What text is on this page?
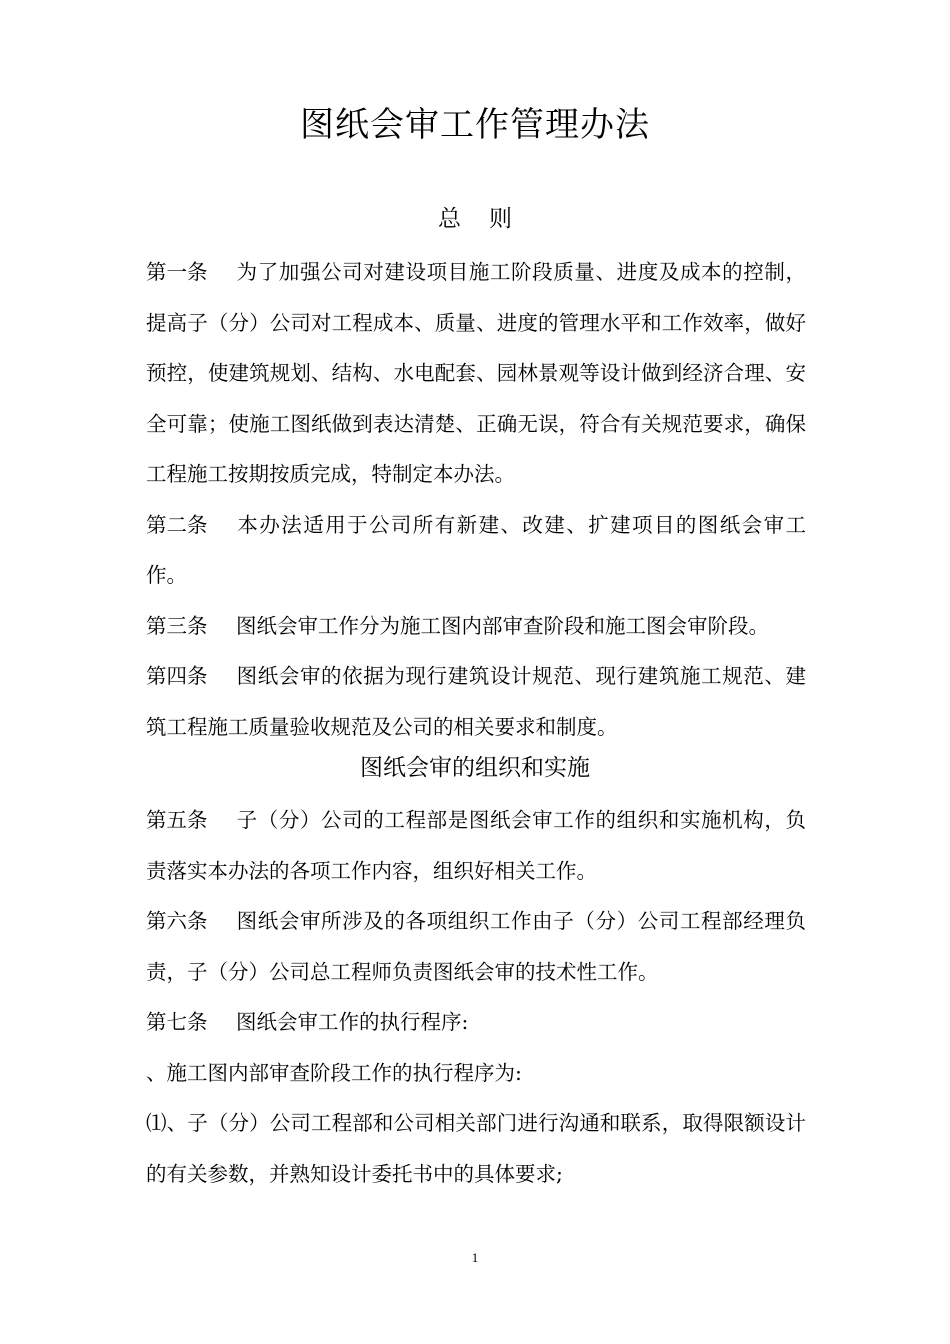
图纸会审工作管理办法
总则

第一条 为了加强公司对建设项目施工阶段质量、进度及成本的控制，提高子（分）公司对工程成本、质量、进度的管理水平和工作效率，做好预控，使建筑规划、结构、水电配套、园林景观等设计做到经济合理、安全可靠；使施工图纸做到表达清楚、正确无误，符合有关规范要求，确保工程施工按期按质完成，特制定本办法。

第二条 本办法适用于公司所有新建、改建、扩建项目的图纸会审工作。

第三条 图纸会审工作分为施工图内部审查阶段和施工图会审阶段。

第四条 图纸会审的依据为现行建筑设计规范、现行建筑施工规范、建筑工程施工质量验收规范及公司的相关要求和制度。

图纸会审的组织和实施

第五条 子（分）公司的工程部是图纸会审工作的组织和实施机构，负责落实本办法的各项工作内容，组织好相关工作。

第六条 图纸会审所涉及的各项组织工作由子（分）公司工程部经理负责，子（分）公司总工程师负责图纸会审的技术性工作。

第七条 图纸会审工作的执行程序:

、施工图内部审查阶段工作的执行程序为:

⑴、子（分）公司工程部和公司相关部门进行沟通和联系，取得限额设计的有关参数，并熟知设计委托书中的具体要求;

1
